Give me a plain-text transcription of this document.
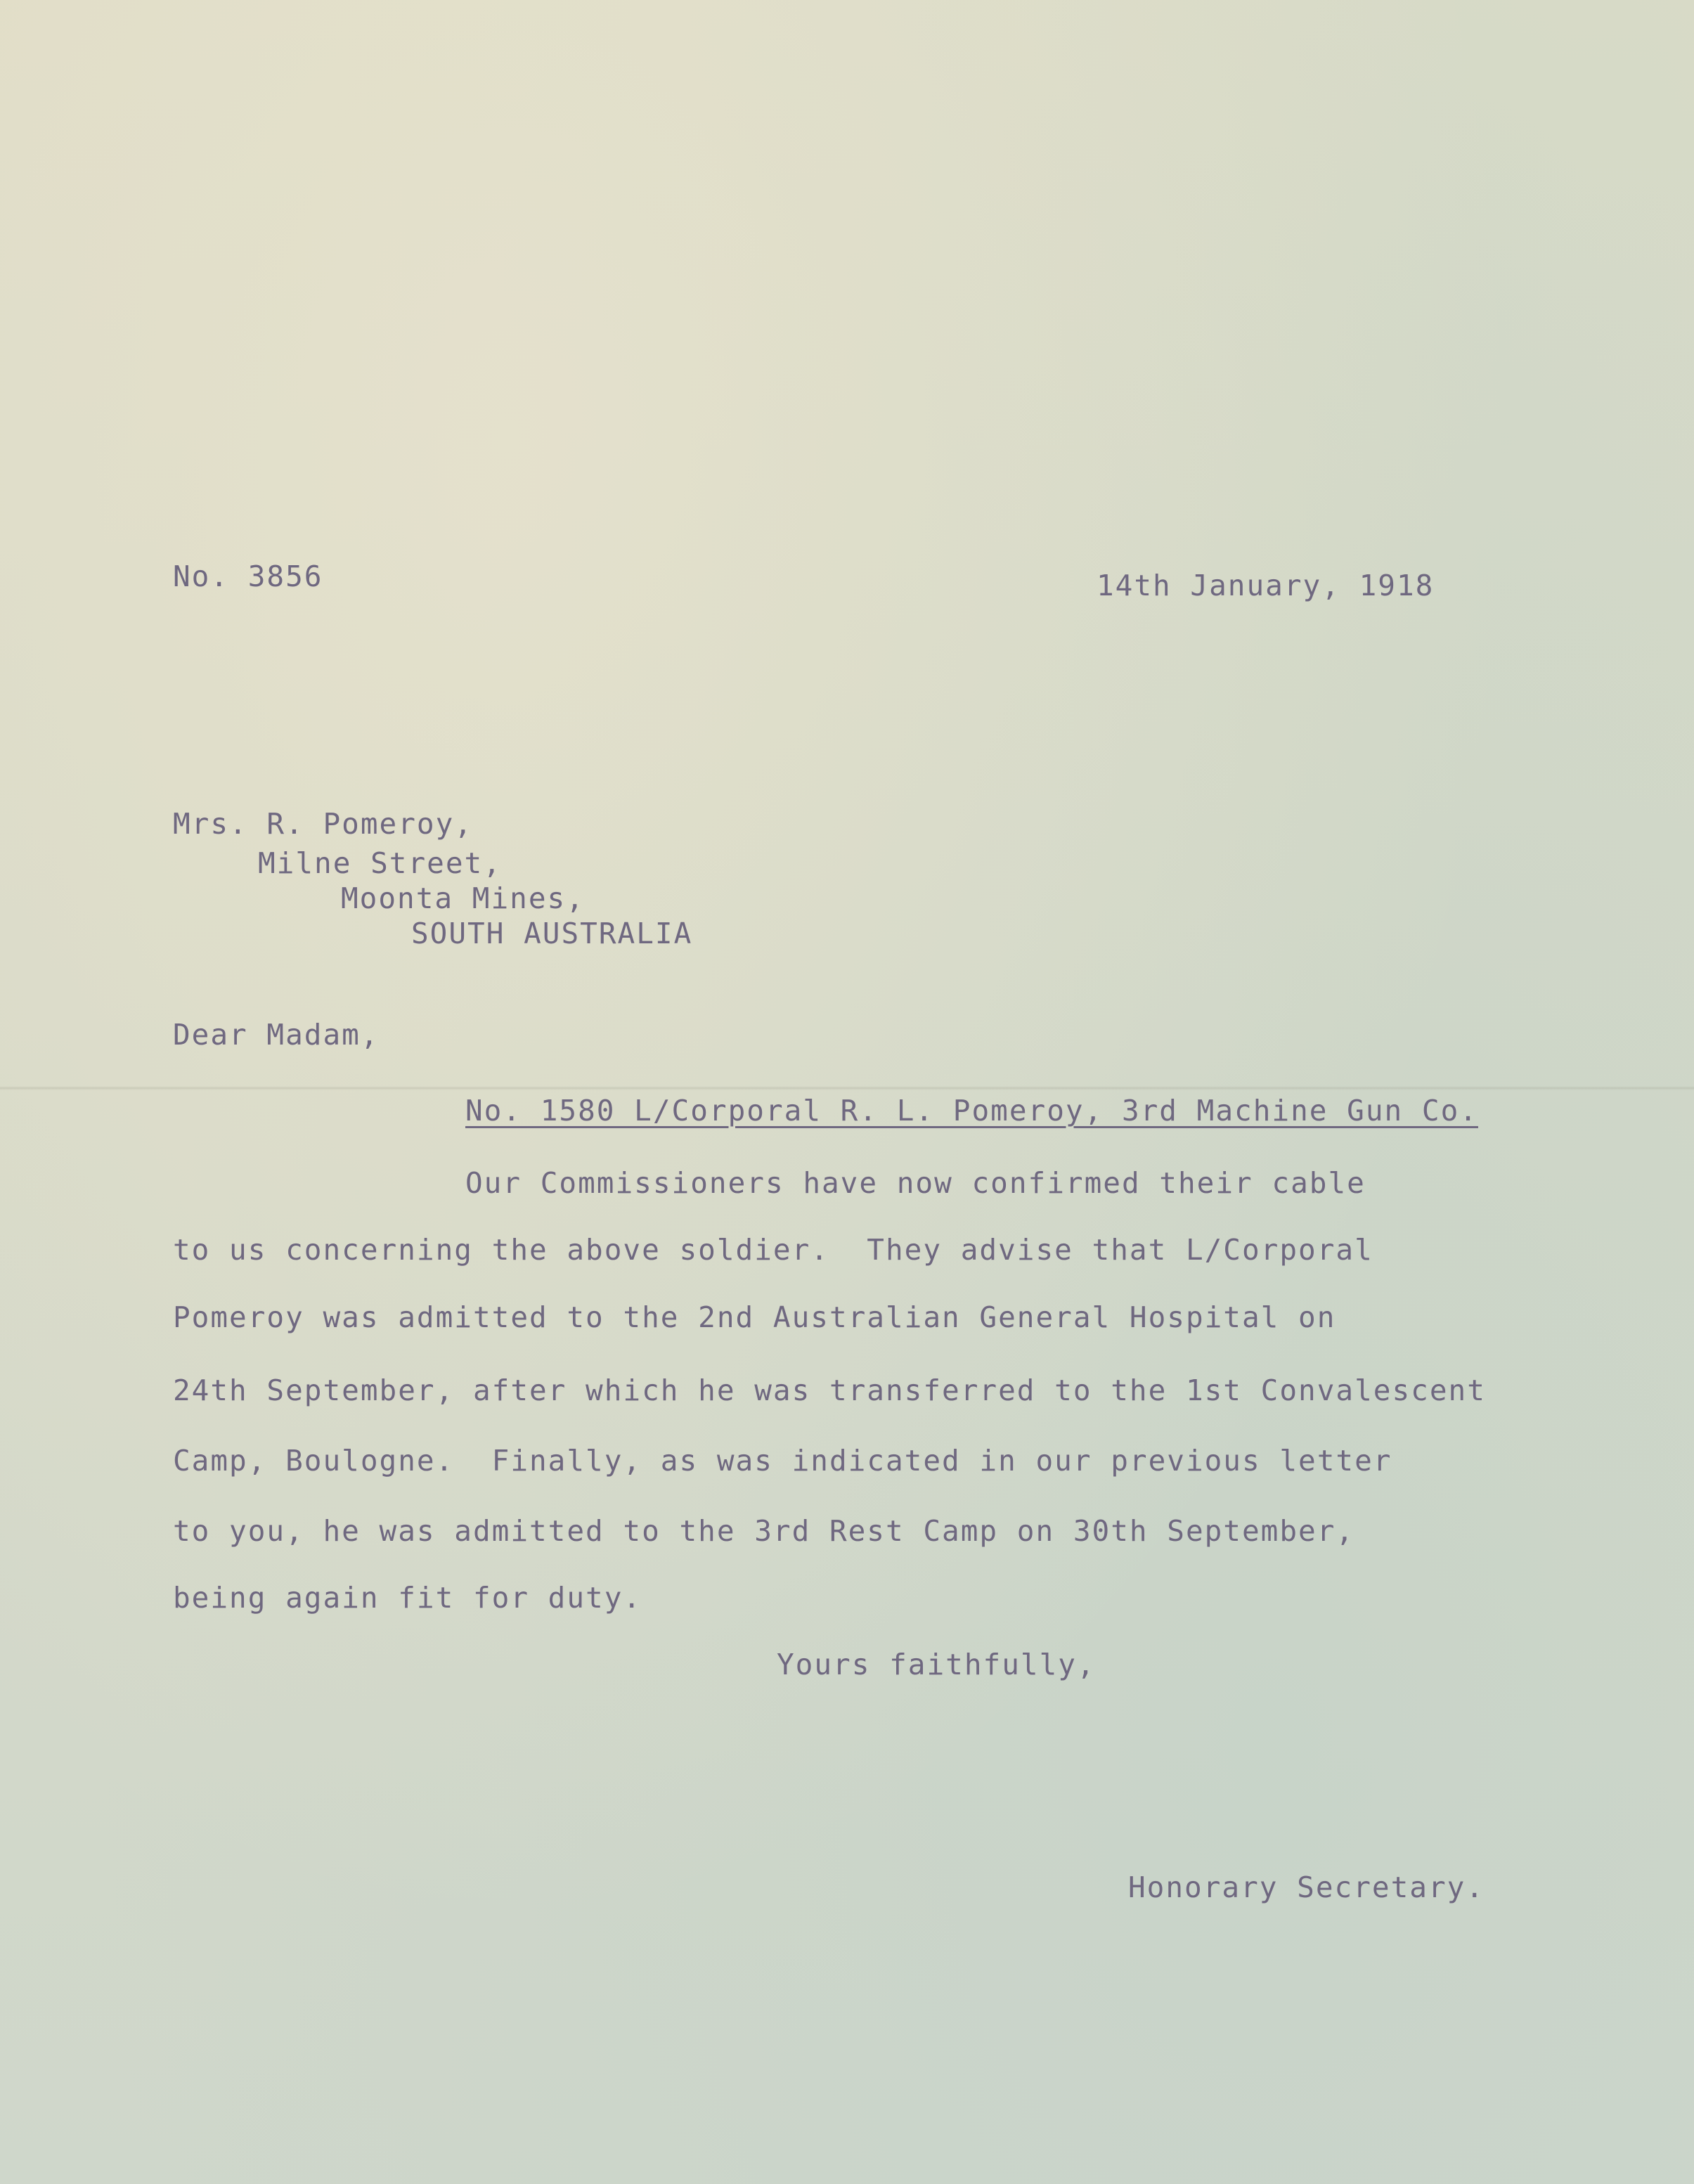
No. 3856	14th January, 1918
Mrs. R. Pomeroy,
Milne Street,
Moonta Mines,
SOUTH AUSTRALIA
Dear Madam,
No. 1580 L/Corporal R. L. Pomeroy, 3rd Machine Gun Co.
Our Commissioners have now confirmed their cable
to us concerning the above soldier.  They advise that L/Corporal
Pomeroy was admitted to the 2nd Australian General Hospital on
24th September, after which he was transferred to the 1st Convalescent
Camp, Boulogne.  Finally, as was indicated in our previous letter
to you, he was admitted to the 3rd Rest Camp on 30th September,
being again fit for duty.
Yours faithfully,
Honorary Secretary.
